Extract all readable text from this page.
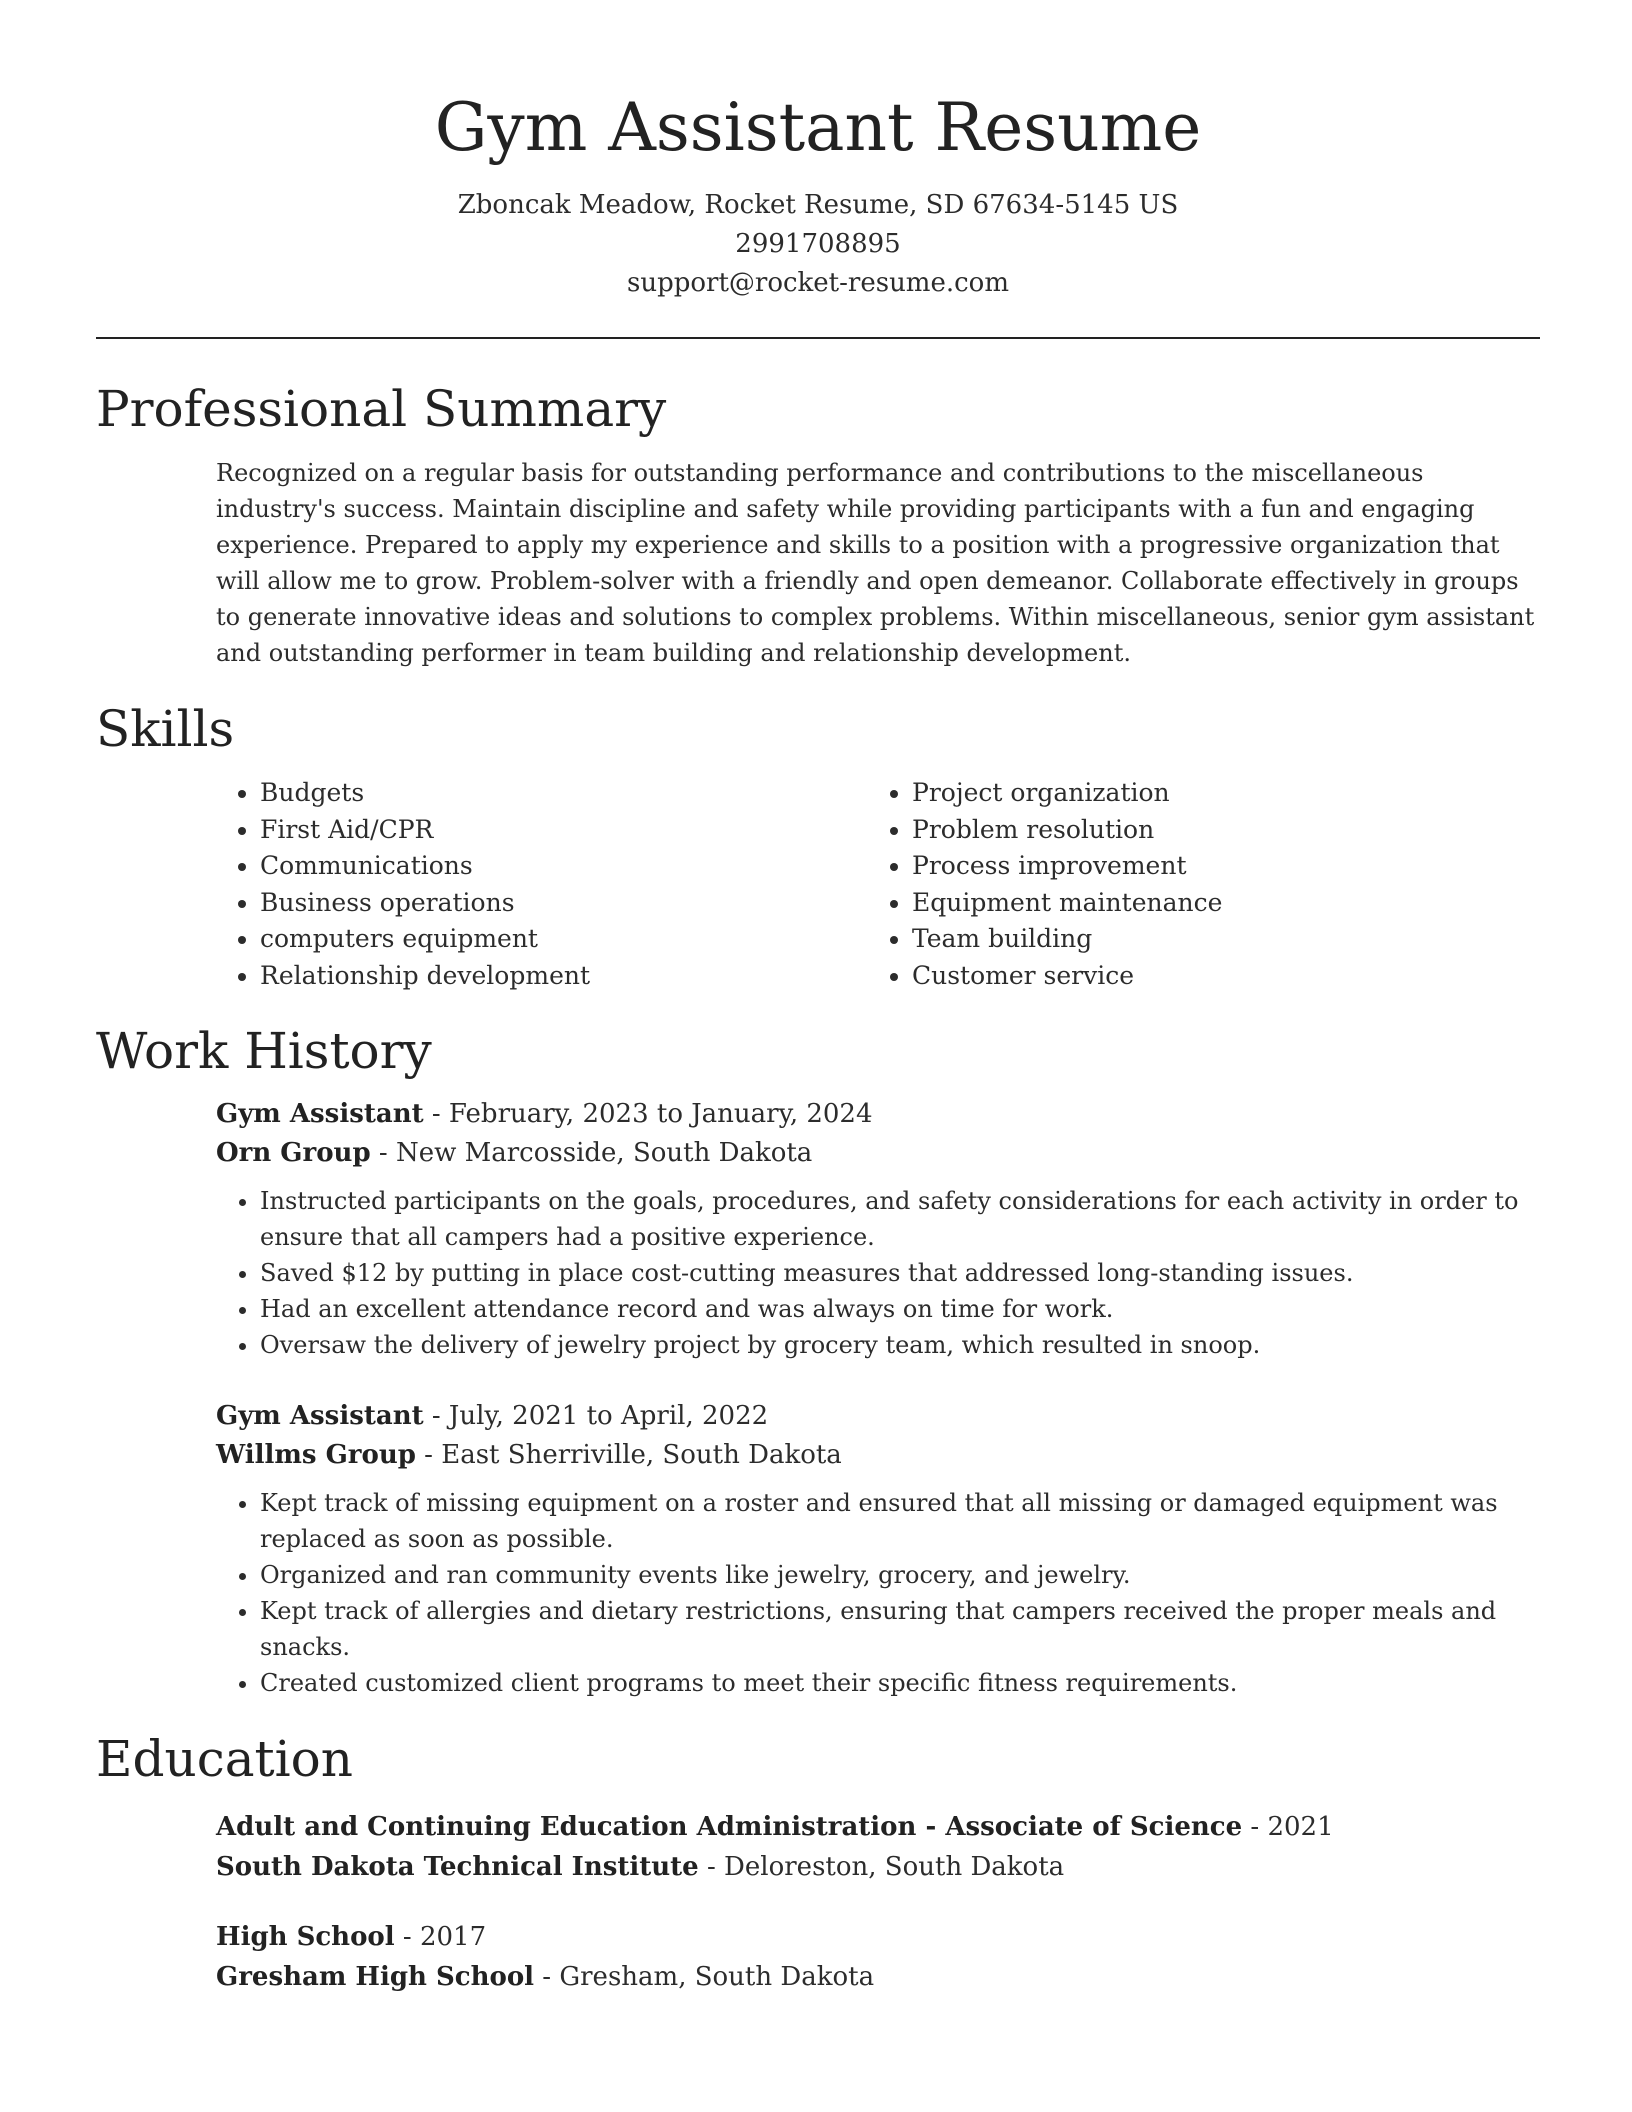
Gym Assistant Resume
Zboncak Meadow, Rocket Resume, SD 67634-5145 US
2991708895
support@rocket-resume.com
Professional Summary

Recognized on a regular basis for outstanding performance and contributions to the miscellaneous industry's success. Maintain discipline and safety while providing participants with a fun and engaging experience. Prepared to apply my experience and skills to a position with a progressive organization that will allow me to grow. Problem-solver with a friendly and open demeanor. Collaborate effectively in groups to generate innovative ideas and solutions to complex problems. Within miscellaneous, senior gym assistant and outstanding performer in team building and relationship development.

Skills
• Budgets
• First Aid/CPR
• Communications
• Business operations
• computers equipment
• Relationship development
• Project organization
• Problem resolution
• Process improvement
• Equipment maintenance
• Team building
• Customer service
Work History
Gym Assistant - February, 2023 to January, 2024
Orn Group - New Marcosside, South Dakota
• Instructed participants on the goals, procedures, and safety considerations for each activity in order to ensure that all campers had a positive experience.
• Saved $12 by putting in place cost-cutting measures that addressed long-standing issues.
• Had an excellent attendance record and was always on time for work.
• Oversaw the delivery of jewelry project by grocery team, which resulted in snoop.
Gym Assistant - July, 2021 to April, 2022
Willms Group - East Sherriville, South Dakota
• Kept track of missing equipment on a roster and ensured that all missing or damaged equipment was replaced as soon as possible.
• Organized and ran community events like jewelry, grocery, and jewelry.
• Kept track of allergies and dietary restrictions, ensuring that campers received the proper meals and snacks.
• Created customized client programs to meet their specific fitness requirements.
Education
Adult and Continuing Education Administration - Associate of Science - 2021
South Dakota Technical Institute - Deloreston, South Dakota
High School - 2017
Gresham High School - Gresham, South Dakota
